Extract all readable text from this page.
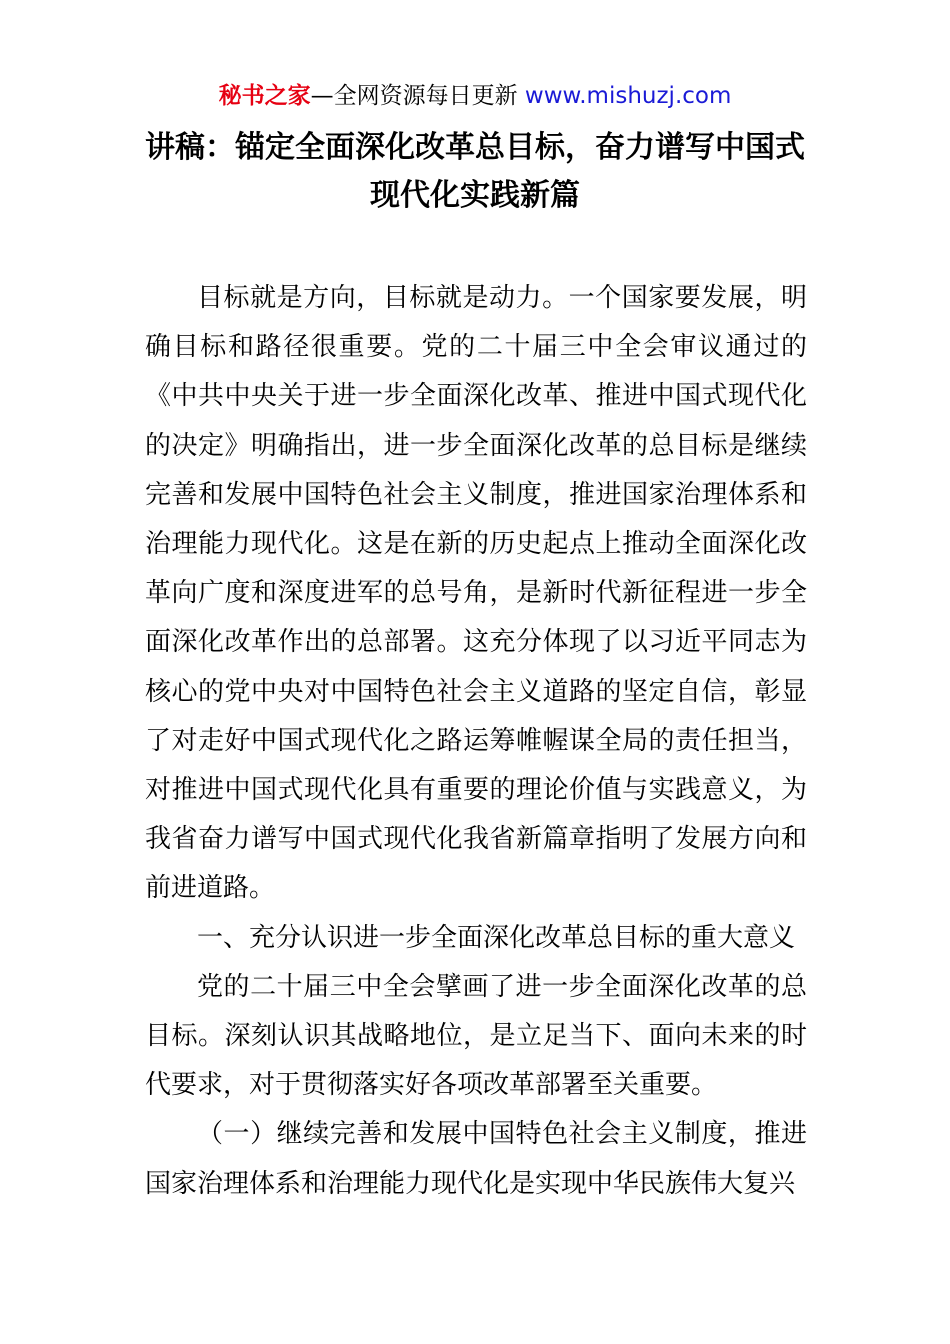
秘书之家—全网资源每日更新 www.mishuzj.com
讲稿：锚定全面深化改革总目标，奋力谱写中国式现代化实践新篇

目标就是方向，目标就是动力。一个国家要发展，明确目标和路径很重要。党的二十届三中全会审议通过的《中共中央关于进一步全面深化改革、推进中国式现代化的决定》明确指出，进一步全面深化改革的总目标是继续完善和发展中国特色社会主义制度，推进国家治理体系和治理能力现代化。这是在新的历史起点上推动全面深化改革向广度和深度进军的总号角，是新时代新征程进一步全面深化改革作出的总部署。这充分体现了以习近平同志为核心的党中央对中国特色社会主义道路的坚定自信，彰显了对走好中国式现代化之路运筹帷幄谋全局的责任担当，对推进中国式现代化具有重要的理论价值与实践意义，为我省奋力谱写中国式现代化我省新篇章指明了发展方向和前进道路。

一、充分认识进一步全面深化改革总目标的重大意义

党的二十届三中全会擘画了进一步全面深化改革的总目标。深刻认识其战略地位，是立足当下、面向未来的时代要求，对于贯彻落实好各项改革部署至关重要。

（一）继续完善和发展中国特色社会主义制度，推进国家治理体系和治理能力现代化是实现中华民族伟大复兴
